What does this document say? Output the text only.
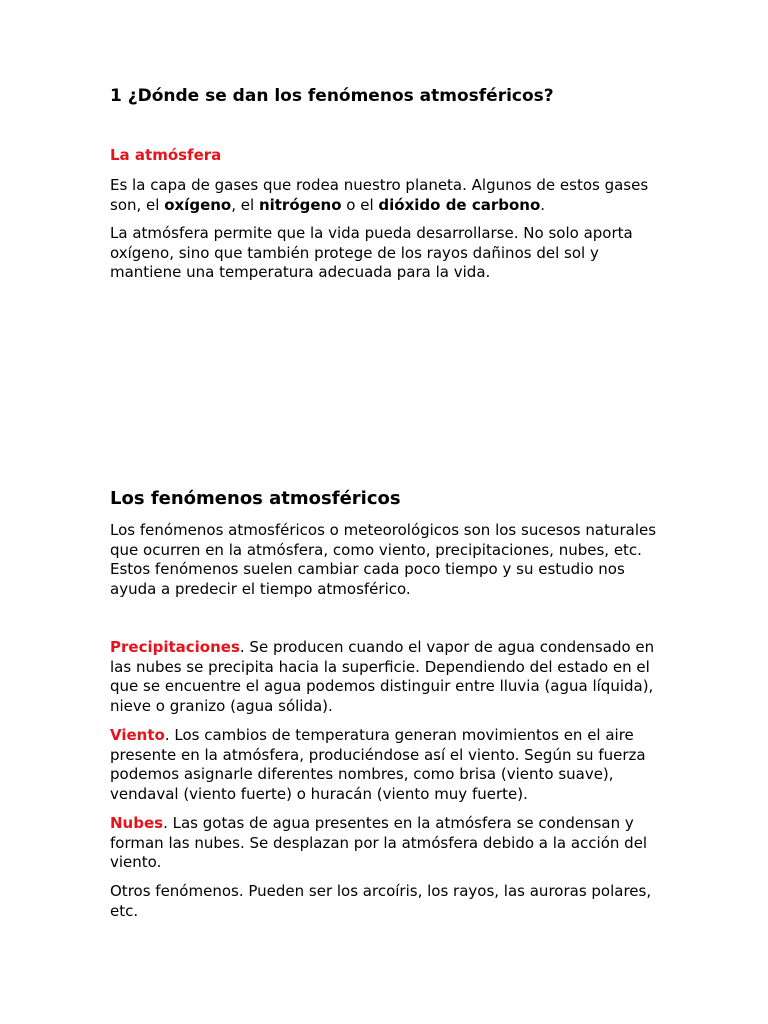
1 ¿Dónde se dan los fenómenos atmosféricos?
La atmósfera

Es la capa de gases que rodea nuestro planeta. Algunos de estos gases son, el oxígeno, el nitrógeno o el dióxido de carbono.

La atmósfera permite que la vida pueda desarrollarse. No solo aporta oxígeno, sino que también protege de los rayos dañinos del sol y mantiene una temperatura adecuada para la vida.

Los fenómenos atmosféricos

Los fenómenos atmosféricos o meteorológicos son los sucesos naturales que ocurren en la atmósfera, como viento, precipitaciones, nubes, etc. Estos fenómenos suelen cambiar cada poco tiempo y su estudio nos ayuda a predecir el tiempo atmosférico.

Precipitaciones. Se producen cuando el vapor de agua condensado en las nubes se precipita hacia la superficie. Dependiendo del estado en el que se encuentre el agua podemos distinguir entre lluvia (agua líquida), nieve o granizo (agua sólida).

Viento. Los cambios de temperatura generan movimientos en el aire presente en la atmósfera, produciéndose así el viento. Según su fuerza podemos asignarle diferentes nombres, como brisa (viento suave), vendaval (viento fuerte) o huracán (viento muy fuerte).

Nubes. Las gotas de agua presentes en la atmósfera se condensan y forman las nubes. Se desplazan por la atmósfera debido a la acción del viento.

Otros fenómenos. Pueden ser los arcoíris, los rayos, las auroras polares, etc.
